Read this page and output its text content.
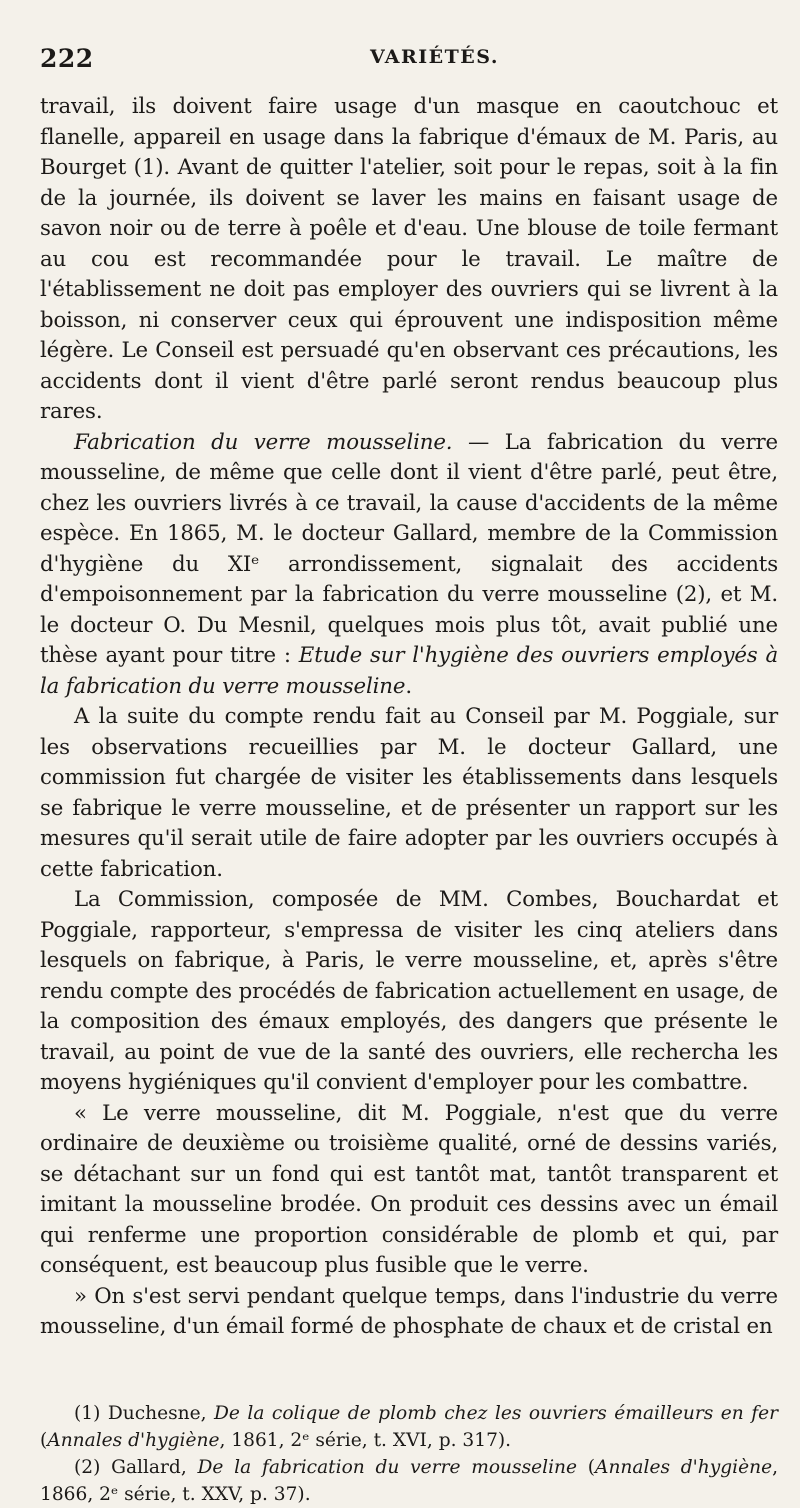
222	VARIÉTÉS.

travail, ils doivent faire usage d'un masque en caoutchouc et flanelle, appareil en usage dans la fabrique d'émaux de M. Paris, au Bourget (1). Avant de quitter l'atelier, soit pour le repas, soit à la fin de la journée, ils doivent se laver les mains en faisant usage de savon noir ou de terre à poêle et d'eau. Une blouse de toile fermant au cou est recommandée pour le travail. Le maître de l'établissement ne doit pas employer des ouvriers qui se livrent à la boisson, ni conserver ceux qui éprouvent une indisposition même légère. Le Conseil est persuadé qu'en observant ces précautions, les accidents dont il vient d'être parlé seront rendus beaucoup plus rares.

Fabrication du verre mousseline. — La fabrication du verre mousseline, de même que celle dont il vient d'être parlé, peut être, chez les ouvriers livrés à ce travail, la cause d'accidents de la même espèce. En 1865, M. le docteur Gallard, membre de la Commission d'hygiène du XIᵉ arrondissement, signalait des accidents d'empoisonnement par la fabrication du verre mousseline (2), et M. le docteur O. Du Mesnil, quelques mois plus tôt, avait publié une thèse ayant pour titre : Etude sur l'hygiène des ouvriers employés à la fabrication du verre mousseline.

A la suite du compte rendu fait au Conseil par M. Poggiale, sur les observations recueillies par M. le docteur Gallard, une commission fut chargée de visiter les établissements dans lesquels se fabrique le verre mousseline, et de présenter un rapport sur les mesures qu'il serait utile de faire adopter par les ouvriers occupés à cette fabrication.

La Commission, composée de MM. Combes, Bouchardat et Poggiale, rapporteur, s'empressa de visiter les cinq ateliers dans lesquels on fabrique, à Paris, le verre mousseline, et, après s'être rendu compte des procédés de fabrication actuellement en usage, de la composition des émaux employés, des dangers que présente le travail, au point de vue de la santé des ouvriers, elle rechercha les moyens hygiéniques qu'il convient d'employer pour les combattre.

« Le verre mousseline, dit M. Poggiale, n'est que du verre ordinaire de deuxième ou troisième qualité, orné de dessins variés, se détachant sur un fond qui est tantôt mat, tantôt transparent et imitant la mousseline brodée. On produit ces dessins avec un émail qui renferme une proportion considérable de plomb et qui, par conséquent, est beaucoup plus fusible que le verre.

» On s'est servi pendant quelque temps, dans l'industrie du verre mousseline, d'un émail formé de phosphate de chaux et de cristal en

(1) Duchesne, De la colique de plomb chez les ouvriers émailleurs en fer (Annales d'hygiène, 1861, 2ᵉ série, t. XVI, p. 317).

(2) Gallard, De la fabrication du verre mousseline (Annales d'hygiène, 1866, 2ᵉ série, t. XXV, p. 37).
